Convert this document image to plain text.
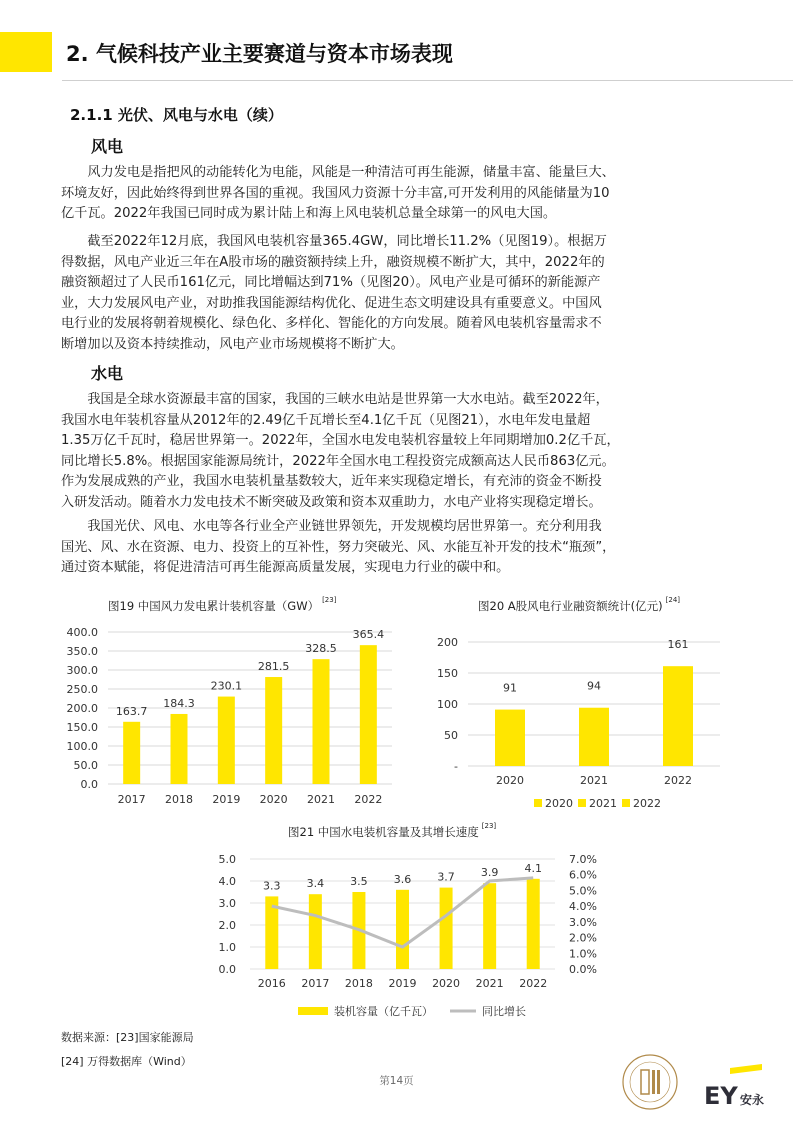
2. 气候科技产业主要赛道与资本市场表现
2.1.1 光伏、风电与水电（续）
风电
　　风力发电是指把风的动能转化为电能，风能是一种清洁可再生能源，储量丰富、能量巨大、
环境友好，因此始终得到世界各国的重视。我国风力资源十分丰富,可开发利用的风能储量为10
亿千瓦。2022年我国已同时成为累计陆上和海上风电装机总量全球第一的风电大国。
　　截至2022年12月底，我国风电装机容量365.4GW，同比增长11.2%（见图19）。根据万
得数据，风电产业近三年在A股市场的融资额持续上升，融资规模不断扩大，其中，2022年的
融资额超过了人民币161亿元，同比增幅达到71%（见图20）。风电产业是可循环的新能源产
业，大力发展风电产业，对助推我国能源结构优化、促进生态文明建设具有重要意义。中国风
电行业的发展将朝着规模化、绿色化、多样化、智能化的方向发展。随着风电装机容量需求不
断增加以及资本持续推动，风电产业市场规模将不断扩大。
水电
　　我国是全球水资源最丰富的国家，我国的三峡水电站是世界第一大水电站。截至2022年，
我国水电年装机容量从2012年的2.49亿千瓦增长至4.1亿千瓦（见图21），水电年发电量超
1.35万亿千瓦时，稳居世界第一。2022年，全国水电发电装机容量较上年同期增加0.2亿千瓦，
同比增长5.8%。根据国家能源局统计，2022年全国水电工程投资完成额高达人民币863亿元。
作为发展成熟的产业，我国水电装机量基数较大，近年来实现稳定增长，有充沛的资金不断投
入研发活动。随着水力发电技术不断突破及政策和资本双重助力，水电产业将实现稳定增长。
　　我国光伏、风电、水电等各行业全产业链世界领先，开发规模均居世界第一。充分利用我
国光、风、水在资源、电力、投资上的互补性，努力突破光、风、水能互补开发的技术“瓶颈”，
通过资本赋能，将促进清洁可再生能源高质量发展，实现电力行业的碳中和。
图19 中国风力发电累计装机容量（GW） [23]	图20 A股风电行业融资额统计(亿元) [24]
图21 中国水电装机容量及其增长速度 [23]
0.0
50.0
100.0
150.0
200.0
250.0
300.0
350.0
400.0
163.7
2017
184.3
2018
230.1
2019
281.5
2020
328.5
2021
365.4
2022
-
50
100
150
200
91
2020
94
2021
161
2022
2020 2021 2022
0.0
1.0
2.0
3.0
4.0
5.0
0.0%
1.0%
2.0%
3.0%
4.0%
5.0%
6.0%
7.0%
3.3
2016
3.4
2017
3.5
2018
3.6
2019
3.7
2020
3.9
2021
4.1
2022
装机容量（亿千瓦）	同比增长
数据来源：[23]国家能源局
[24] 万得数据库（Wind）
第14页
EY 安永
